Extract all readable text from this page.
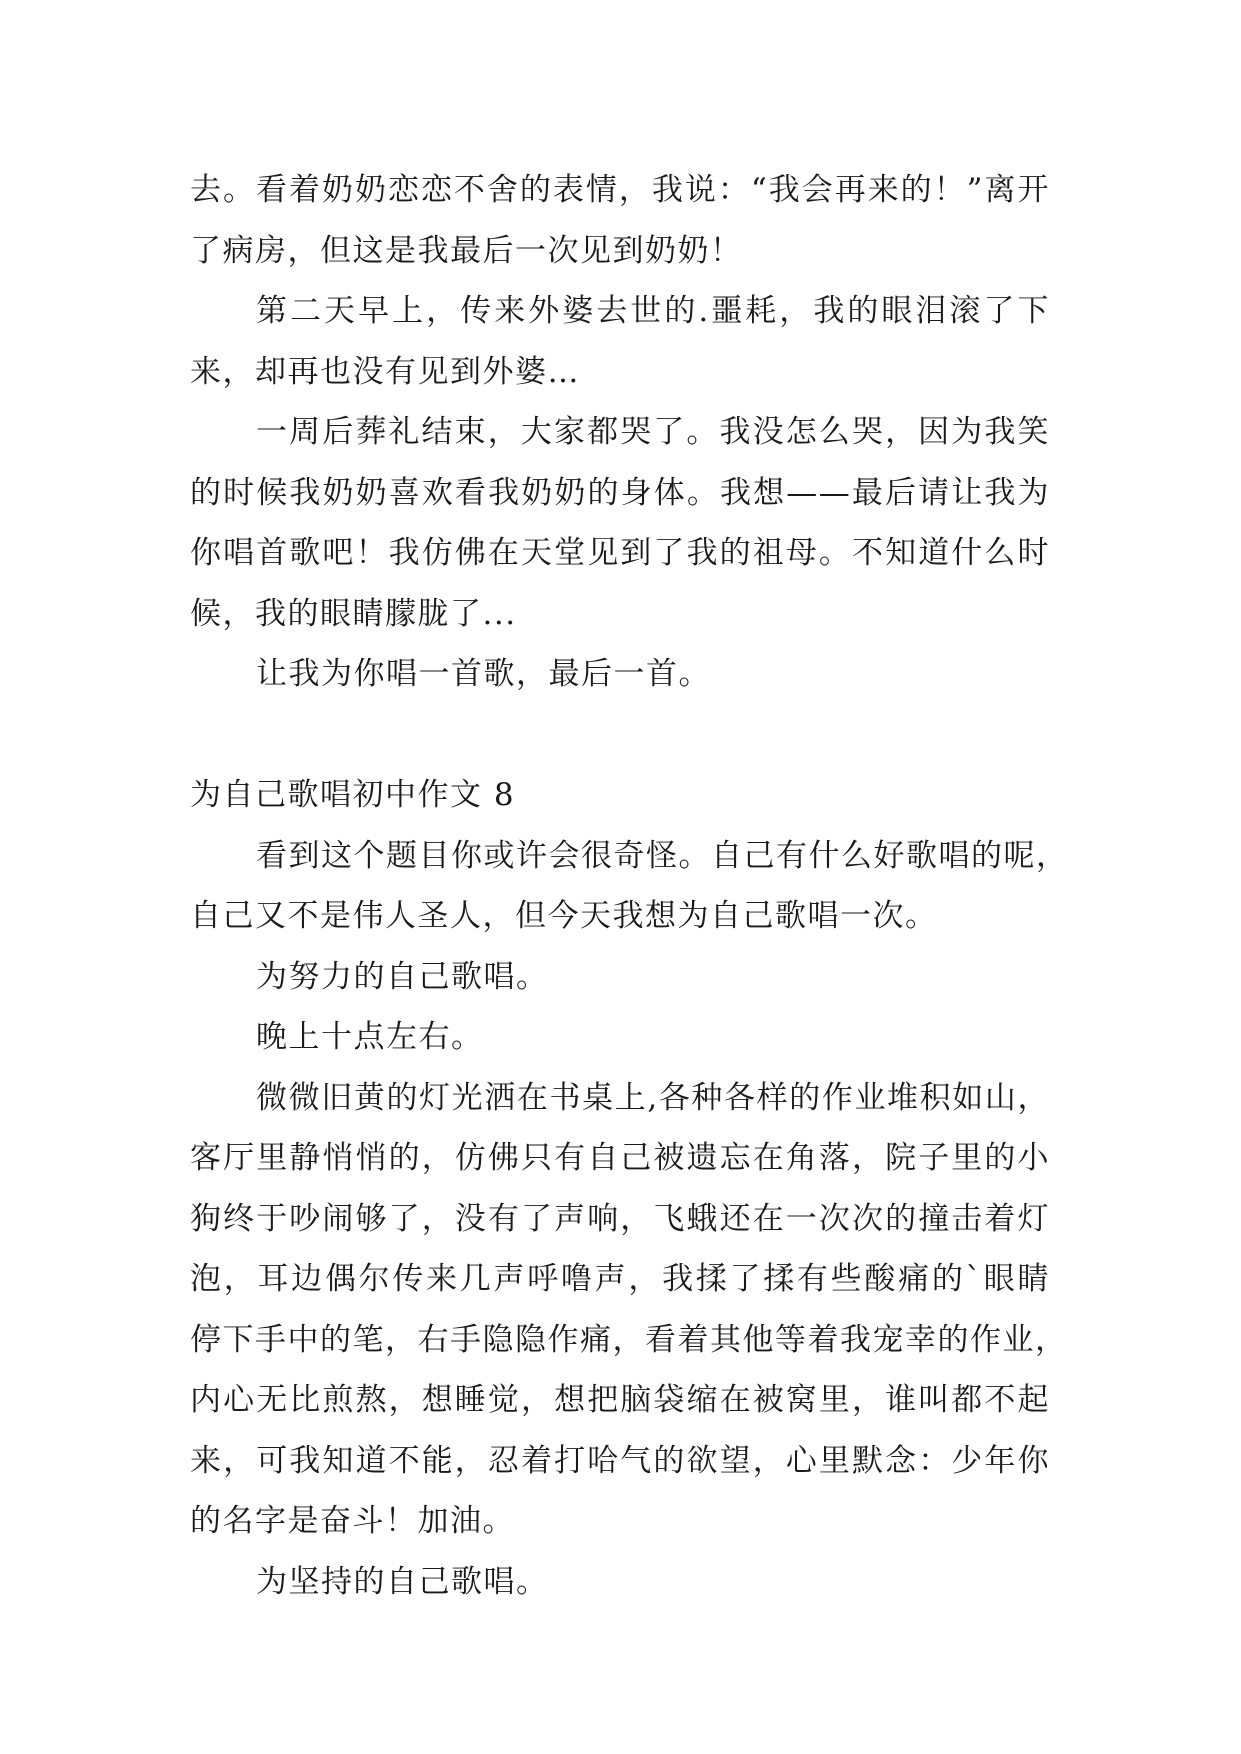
去。看着奶奶恋恋不舍的表情，我说：“我会再来的！”离开
了病房，但这是我最后一次见到奶奶！
第二天早上，传来外婆去世的.噩耗，我的眼泪滚了下
来，却再也没有见到外婆…
一周后葬礼结束，大家都哭了。我没怎么哭，因为我笑
的时候我奶奶喜欢看我奶奶的身体。我想——最后请让我为
你唱首歌吧！我仿佛在天堂见到了我的祖母。不知道什么时
候，我的眼睛朦胧了...
让我为你唱一首歌，最后一首。
为自己歌唱初中作文 8
看到这个题目你或许会很奇怪。自己有什么好歌唱的呢，
自己又不是伟人圣人，但今天我想为自己歌唱一次。
为努力的自己歌唱。
晚上十点左右。
微微旧黄的灯光洒在书桌上,各种各样的作业堆积如山，
客厅里静悄悄的，仿佛只有自己被遗忘在角落，院子里的小
狗终于吵闹够了，没有了声响，飞蛾还在一次次的撞击着灯
泡，耳边偶尔传来几声呼噜声，我揉了揉有些酸痛的`眼睛
停下手中的笔，右手隐隐作痛，看着其他等着我宠幸的作业，
内心无比煎熬，想睡觉，想把脑袋缩在被窝里，谁叫都不起
来，可我知道不能，忍着打哈气的欲望，心里默念：少年你
的名字是奋斗！加油。
为坚持的自己歌唱。
